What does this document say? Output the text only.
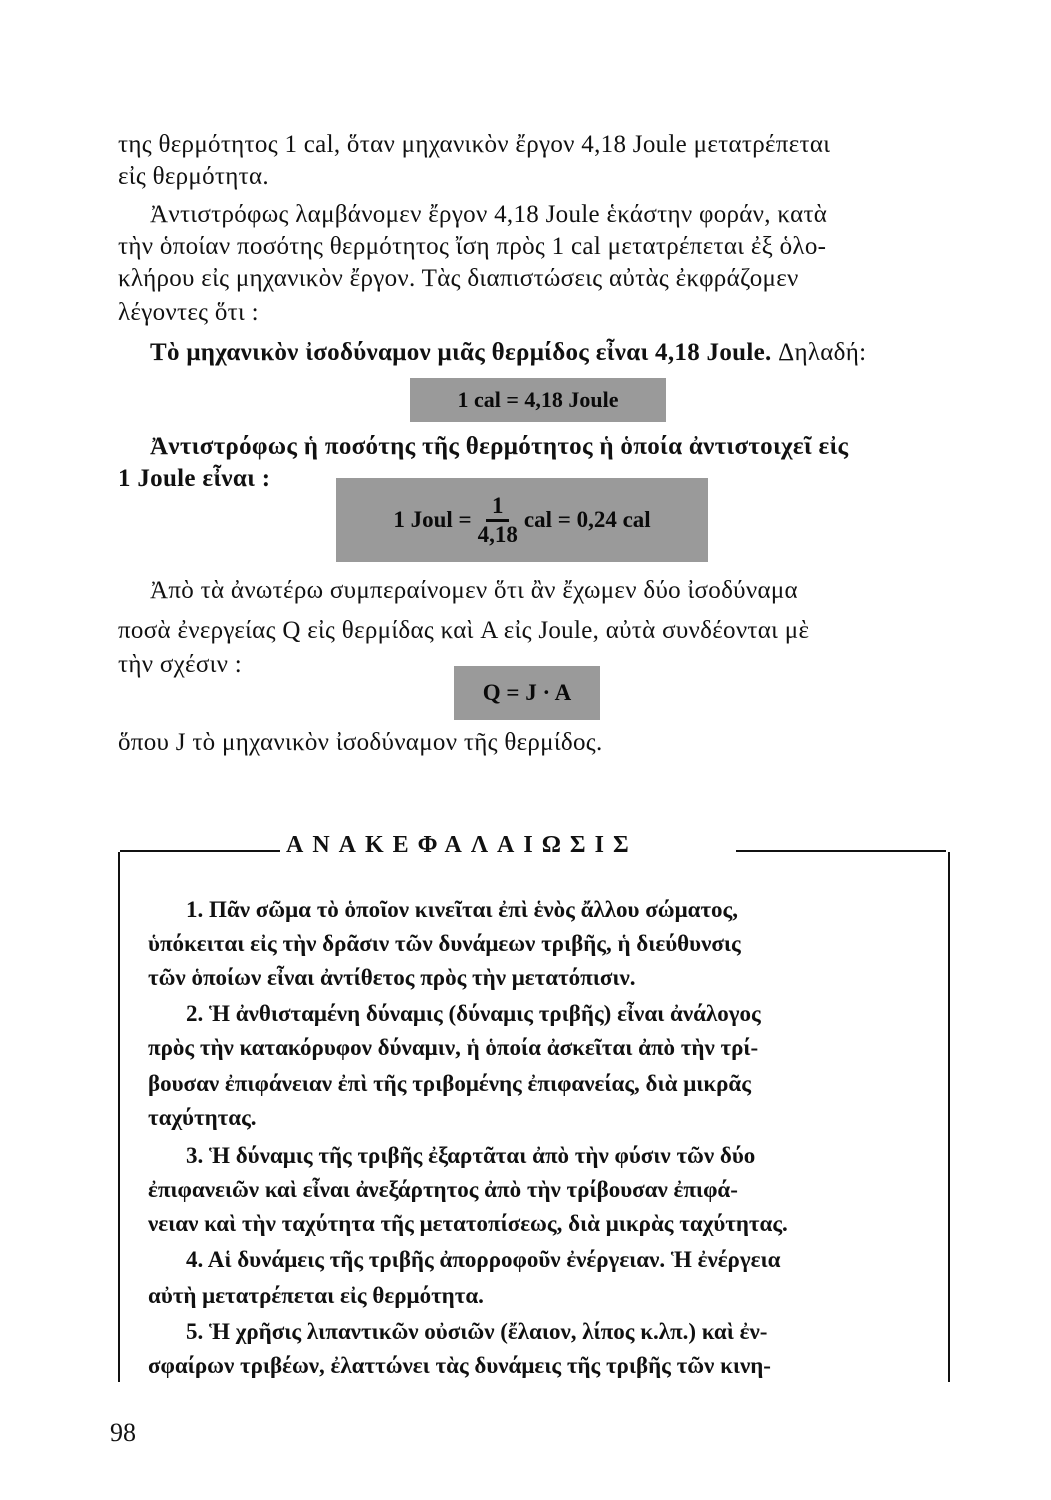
της θερμότητος 1 cal, ὅταν μηχανικὸν ἔργον 4,18 Joule μετατρέπεται
εἰς θερμότητα.
Ἀντιστρόφως λαμβάνομεν ἔργον 4,18 Joule ἑκάστην φοράν, κατὰ
τὴν ὁποίαν ποσότης θερμότητος ἴση πρὸς 1 cal μετατρέπεται ἐξ ὁλο-
κλήρου εἰς μηχανικὸν ἔργον. Τὰς διαπιστώσεις αὐτὰς ἐκφράζομεν
λέγοντες ὅτι :
Τὸ μηχανικὸν ἰσοδύναμον μιᾶς θερμίδος εἶναι 4,18 Joule. Δηλαδή:
1 cal = 4,18 Joule
Ἀντιστρόφως ἡ ποσότης τῆς θερμότητος ἡ ὁποία ἀντιστοιχεῖ εἰς
1 Joule εἶναι :
1 Joul = $\frac{1}{4,18}$ cal = 0,24 cal
Ἀπὸ τὰ ἀνωτέρω συμπεραίνομεν ὅτι ἂν ἔχωμεν δύο ἰσοδύναμα
ποσὰ ἐνεργείας Q εἰς θερμίδας καὶ A εἰς Joule, αὐτὰ συνδέονται μὲ
τὴν σχέσιν :
Q = J · A
ὅπου J τὸ μηχανικὸν ἰσοδύναμον τῆς θερμίδος.
ΑΝΑΚΕΦΑΛΑΙΩΣΙΣ
1. Πᾶν σῶμα τὸ ὁποῖον κινεῖται ἐπὶ ἑνὸς ἄλλου σώματος,
ὑπόκειται εἰς τὴν δρᾶσιν τῶν δυνάμεων τριβῆς, ἡ διεύθυνσις
τῶν ὁποίων εἶναι ἀντίθετος πρὸς τὴν μετατόπισιν.
2. Ἡ ἀνθισταμένη δύναμις (δύναμις τριβῆς) εἶναι ἀνάλογος
πρὸς τὴν κατακόρυφον δύναμιν, ἡ ὁποία ἀσκεῖται ἀπὸ τὴν τρί-
βουσαν ἐπιφάνειαν ἐπὶ τῆς τριβομένης ἐπιφανείας, διὰ μικρᾶς
ταχύτητας.
3. Ἡ δύναμις τῆς τριβῆς ἐξαρτᾶται ἀπὸ τὴν φύσιν τῶν δύο
ἐπιφανειῶν καὶ εἶναι ἀνεξάρτητος ἀπὸ τὴν τρίβουσαν ἐπιφά-
νειαν καὶ τὴν ταχύτητα τῆς μετατοπίσεως, διὰ μικρὰς ταχύτητας.
4. Αἱ δυνάμεις τῆς τριβῆς ἀπορροφοῦν ἐνέργειαν. Ἡ ἐνέργεια
αὐτὴ μετατρέπεται εἰς θερμότητα.
5. Ἡ χρῆσις λιπαντικῶν οὐσιῶν (ἔλαιον, λίπος κ.λπ.) καὶ ἐν-
σφαίρων τριβέων, ἐλαττώνει τὰς δυνάμεις τῆς τριβῆς τῶν κινη-
98
